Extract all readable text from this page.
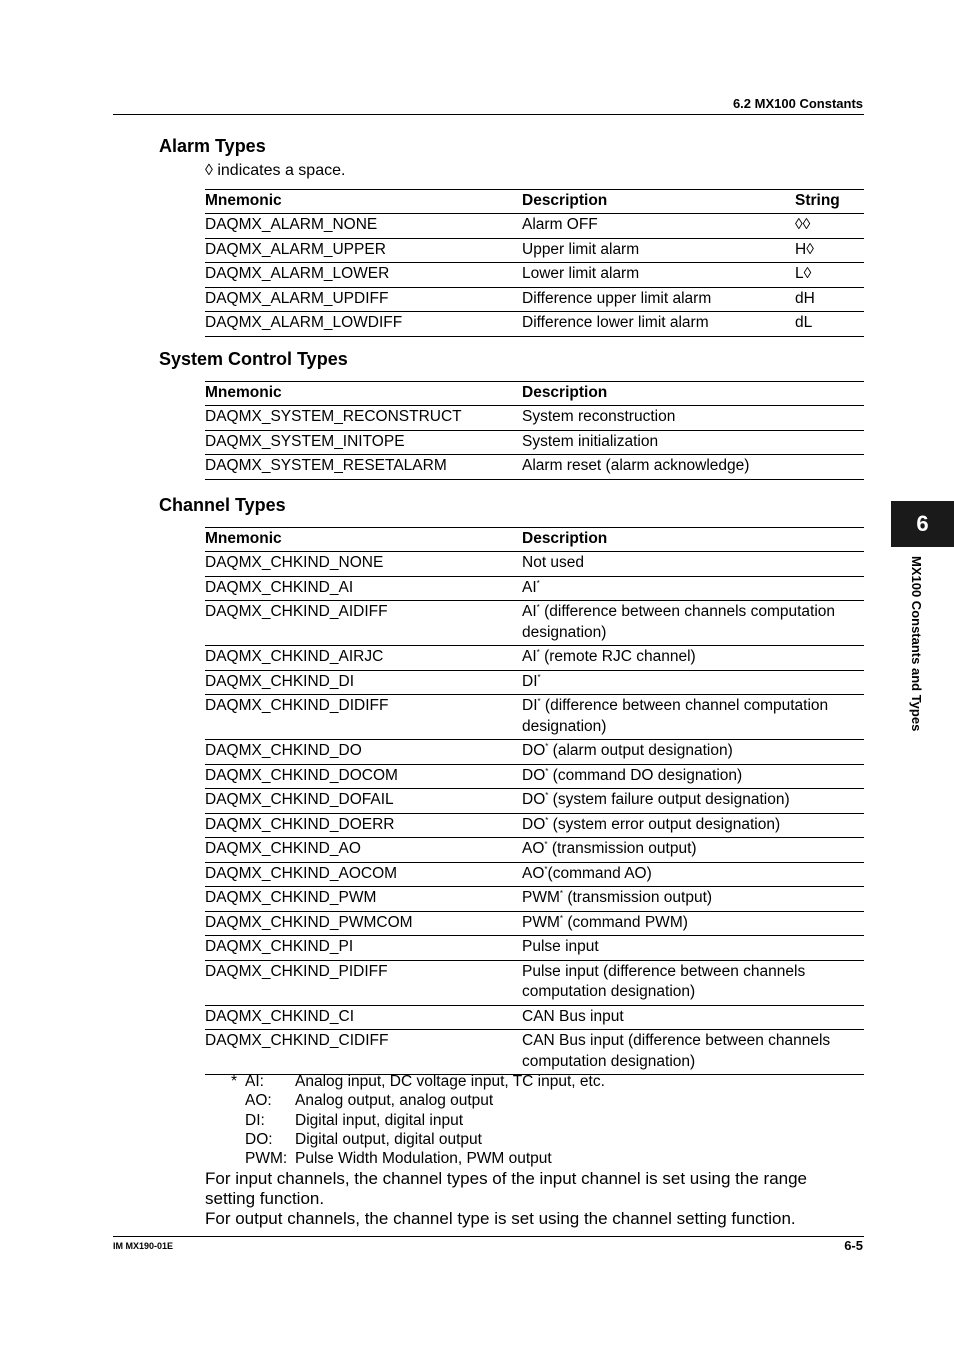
6.2 MX100 Constants
Alarm Types
◊ indicates a space.
Mnemonic	Description	String
DAQMX_ALARM_NONE	Alarm OFF	◊◊
DAQMX_ALARM_UPPER	Upper limit alarm	H◊
DAQMX_ALARM_LOWER	Lower limit alarm	L◊
DAQMX_ALARM_UPDIFF	Difference upper limit alarm	dH
DAQMX_ALARM_LOWDIFF	Difference lower limit alarm	dL
System Control Types
Mnemonic	Description
DAQMX_SYSTEM_RECONSTRUCT	System reconstruction
DAQMX_SYSTEM_INITOPE	System initialization
DAQMX_SYSTEM_RESETALARM	Alarm reset (alarm acknowledge)
Channel Types
Mnemonic	Description
DAQMX_CHKIND_NONE	Not used
DAQMX_CHKIND_AI	AI*
DAQMX_CHKIND_AIDIFF	AI* (difference between channels computation designation)
DAQMX_CHKIND_AIRJC	AI* (remote RJC channel)
DAQMX_CHKIND_DI	DI*
DAQMX_CHKIND_DIDIFF	DI* (difference between channel computation designation)
DAQMX_CHKIND_DO	DO* (alarm output designation)
DAQMX_CHKIND_DOCOM	DO* (command DO designation)
DAQMX_CHKIND_DOFAIL	DO* (system failure output designation)
DAQMX_CHKIND_DOERR	DO* (system error output designation)
DAQMX_CHKIND_AO	AO* (transmission output)
DAQMX_CHKIND_AOCOM	AO*(command AO)
DAQMX_CHKIND_PWM	PWM* (transmission output)
DAQMX_CHKIND_PWMCOM	PWM* (command PWM)
DAQMX_CHKIND_PI	Pulse input
DAQMX_CHKIND_PIDIFF	Pulse input (difference between channels computation designation)
DAQMX_CHKIND_CI	CAN Bus input
DAQMX_CHKIND_CIDIFF	CAN Bus input (difference between channels computation designation)
* AI:	Analog input, DC voltage input, TC input, etc.
AO:	Analog output, analog output
DI:	Digital input, digital input
DO:	Digital output, digital output
PWM: Pulse Width Modulation, PWM output
For input channels, the channel types of the input channel is set using the range setting function.
For output channels, the channel type is set using the channel setting function.
IM MX190-01E	6-5
6
MX100 Constants and Types
